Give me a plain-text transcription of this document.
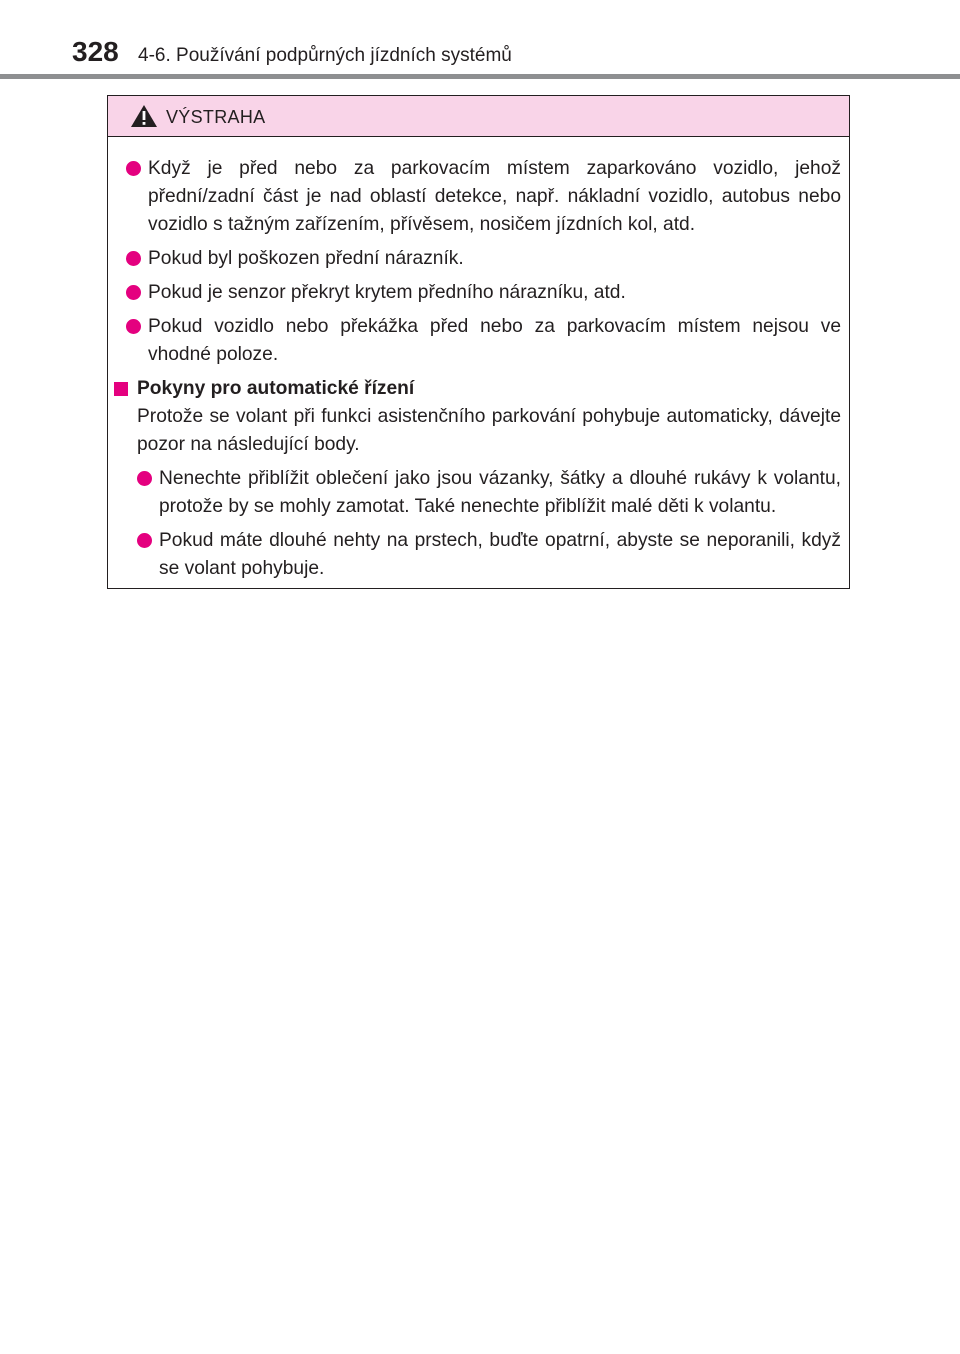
328 4-6. Používání podpůrných jízdních systémů
VÝSTRAHA
Když je před nebo za parkovacím místem zaparkováno vozidlo, jehož přední/zadní část je nad oblastí detekce, např. nákladní vozidlo, autobus nebo vozidlo s tažným zařízením, přívěsem, nosičem jízdních kol, atd.
Pokud byl poškozen přední nárazník.
Pokud je senzor překryt krytem předního nárazníku, atd.
Pokud vozidlo nebo překážka před nebo za parkovacím místem nejsou ve vhodné poloze.
Pokyny pro automatické řízení
Protože se volant při funkci asistenčního parkování pohybuje automaticky, dávejte pozor na následující body.
Nenechte přiblížit oblečení jako jsou vázanky, šátky a dlouhé rukávy k volantu, protože by se mohly zamotat. Také nenechte přiblížit malé děti k volantu.
Pokud máte dlouhé nehty na prstech, buďte opatrní, abyste se neporanili, když se volant pohybuje.
